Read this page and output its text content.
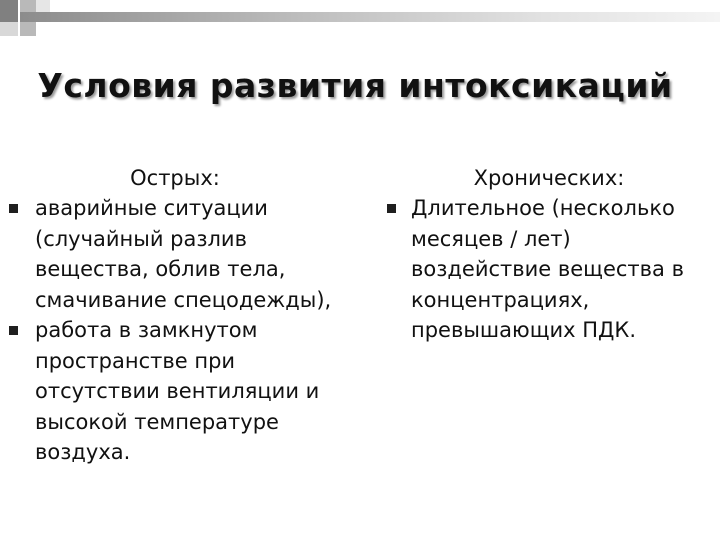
Условия развития интоксикаций
Острых:
аварийные ситуации (случайный разлив вещества, облив тела, смачивание спецодежды),
работа в замкнутом пространстве при отсутствии вентиляции и высокой температуре воздуха.
Хронических:
Длительное (несколько месяцев / лет) воздействие вещества в концентрациях, превышающих ПДК.
